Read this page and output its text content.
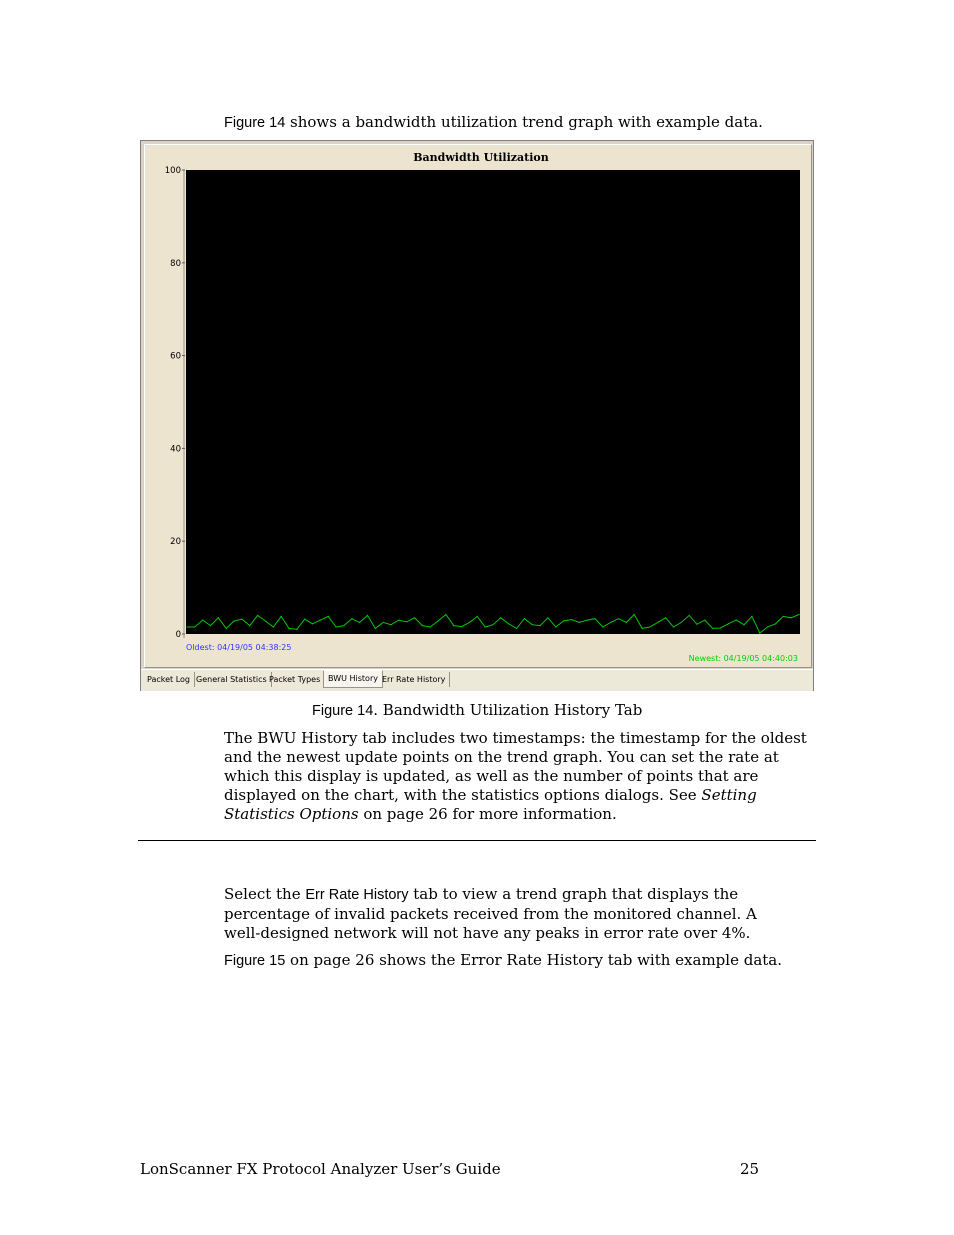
Figure 14 shows a bandwidth utilization trend graph with example data.

Bandwidth Utilization
0
20
40
60
80
100
Oldest: 04/19/05 04:38:25
Newest: 04/19/05 04:40:03
Packet Log General Statistics Packet Types BWU History Err Rate History

Figure 14. Bandwidth Utilization History Tab

The BWU History tab includes two timestamps: the timestamp for the oldest and the newest update points on the trend graph. You can set the rate at which this display is updated, as well as the number of points that are displayed on the chart, with the statistics options dialogs. See Setting Statistics Options on page 26 for more information.

Select the Err Rate History tab to view a trend graph that displays the percentage of invalid packets received from the monitored channel. A well-designed network will not have any peaks in error rate over 4%.

Figure 15 on page 26 shows the Error Rate History tab with example data.

LonScanner FX Protocol Analyzer User’s Guide	25
